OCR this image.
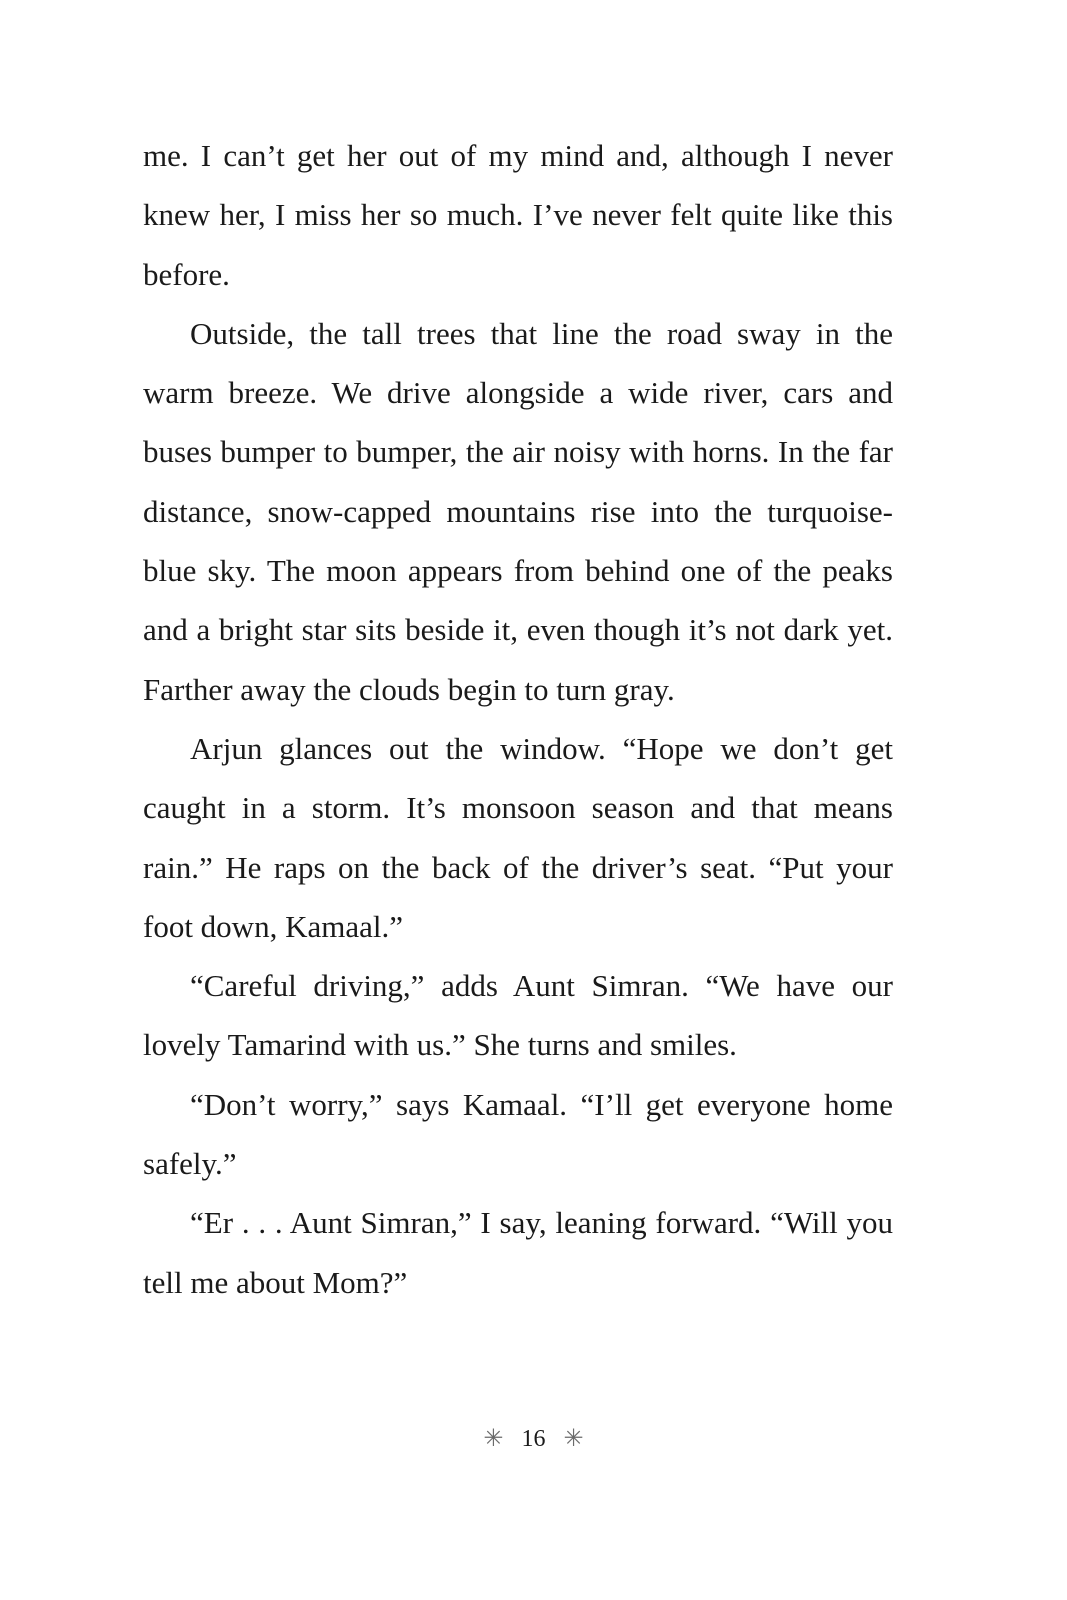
me. I can’t get her out of my mind and, although I never knew her, I miss her so much. I’ve never felt quite like this before.

Outside, the tall trees that line the road sway in the warm breeze. We drive alongside a wide river, cars and buses bumper to bumper, the air noisy with horns. In the far distance, snow-capped mountains rise into the turquoise-blue sky. The moon appears from behind one of the peaks and a bright star sits beside it, even though it’s not dark yet. Farther away the clouds begin to turn gray.

Arjun glances out the window. “Hope we don’t get caught in a storm. It’s monsoon season and that means rain.” He raps on the back of the driver’s seat. “Put your foot down, Kamaal.”

“Careful driving,” adds Aunt Simran. “We have our lovely Tamarind with us.” She turns and smiles.

“Don’t worry,” says Kamaal. “I’ll get everyone home safely.”

“Er . . . Aunt Simran,” I say, leaning forward. “Will you tell me about Mom?”

✳ 16 ✳
